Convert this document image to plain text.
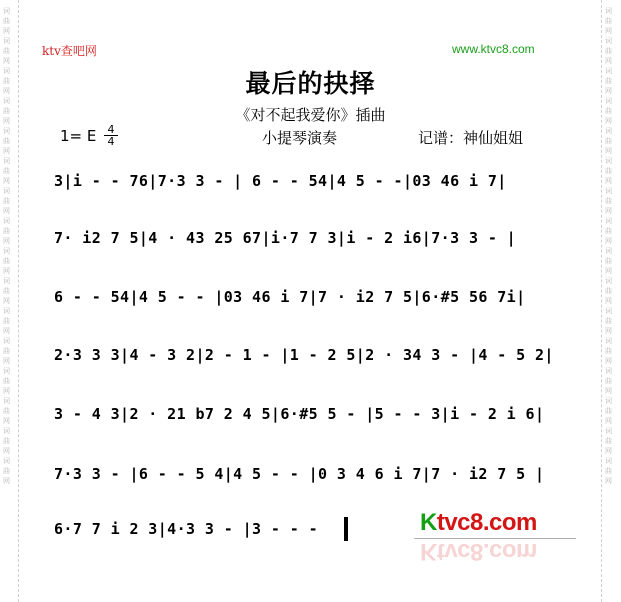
词曲网词曲网词曲网词曲网词曲网词曲网词曲网词曲网词曲网词曲网词曲网词曲网词曲网词曲网词曲网词曲网
词曲网词曲网词曲网词曲网词曲网词曲网词曲网词曲网词曲网词曲网词曲网词曲网词曲网词曲网词曲网词曲网
ktv查吧网	www.ktvc8.com
最后的抉择
《对不起我爱你》插曲
1= E $\frac{4}{4}$	小提琴演奏	记谱：神仙姐姐
3|i - - 76|7·3 3 - | 6 - - 54|4 5 - -|03 46 i 7|
7· i2 7 5|4 · 43 25 67|i·7 7 3|i - 2 i6|7·3 3 - |
6 - - 54|4 5 - - |03 46 i 7|7 · i2 7 5|6·#5 56 7i|
2·3 3 3|4 - 3 2|2 - 1 - |1 - 2 5|2 · 34 3 - |4 - 5 2|
3 - 4 3|2 · 21 b7 2 4 5|6·#5 5 - |5 - - 3|i - 2 i 6|
7·3 3 - |6 - - 5 4|4 5 - - |0 3 4 6 i 7|7 · i2 7 5 |
6·7 7 i 2 3|4·3 3 - |3 - - -	Ktvc8.com
Ktvc8.com
